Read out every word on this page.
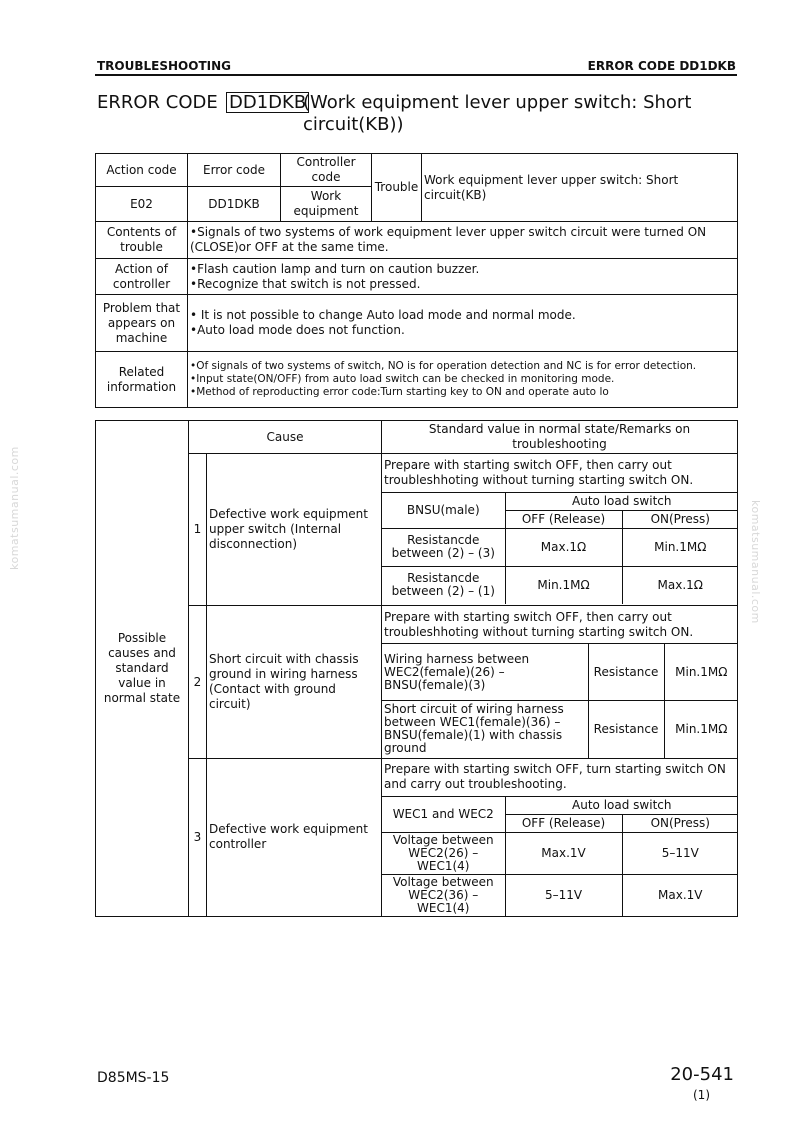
TROUBLESHOOTING	ERROR CODE DD1DKB
ERROR CODE DD1DKB
(Work equipment lever upper switch: Short circuit(KB))
Action code	Error code	Controller code	Trouble	Work equipment lever upper switch: Short circuit(KB)
E02	DD1DKB	Work equipment		
Contents of trouble	•Signals of two systems of work equipment lever upper switch circuit were turned ON (CLOSE)or OFF at the same time.			

Action of controller	•Flash caution lamp and turn on caution buzzer.
•Recognize that switch is not pressed.			

Problem that appears on machine	• It is not possible to change Auto load mode and normal mode.
•Auto load mode does not function.			

Related information	•Of signals of two systems of switch, NO is for operation detection and NC is for error detection.
•Input state(ON/OFF) from auto load switch can be checked in monitoring mode.
•Method of reproducting error code:Turn starting key to ON and operate auto lo			
Possible causes and standard value in normal state	Cause	Standard value in normal state/Remarks on troubleshooting
1	Defective work equipment upper switch (Internal disconnection)	
Prepare with starting switch OFF, then carry out troubleshhoting without turning starting switch ON.
BNSU(male)	Auto load switch
OFF (Release)	ON(Press)
Resistancde between (2) – (3)	Max.1Ω	Min.1MΩ
Resistancde between (2) – (1)	Min.1MΩ	Max.1Ω

2	Short circuit with chassis ground in wiring harness (Contact with ground circuit)	
Prepare with starting switch OFF, then carry out troubleshhoting without turning starting switch ON.
Wiring harness between WEC2(female)(26) – BNSU(female)(3)	Resistance	Min.1MΩ
Short circuit of wiring harness between WEC1(female)(36) – BNSU(female)(1) with chassis ground	Resistance	Min.1MΩ

3	Defective work equipment controller	
Prepare with starting switch OFF, turn starting switch ON and carry out troubleshooting.
WEC1 and WEC2	Auto load switch
OFF (Release)	ON(Press)
Voltage between WEC2(26) – WEC1(4)	Max.1V	5–11V
Voltage between WEC2(36) – WEC1(4)	5–11V	Max.1V
komatsumanual.com	komatsumanual.com
D85MS-15	20-541
(1)
